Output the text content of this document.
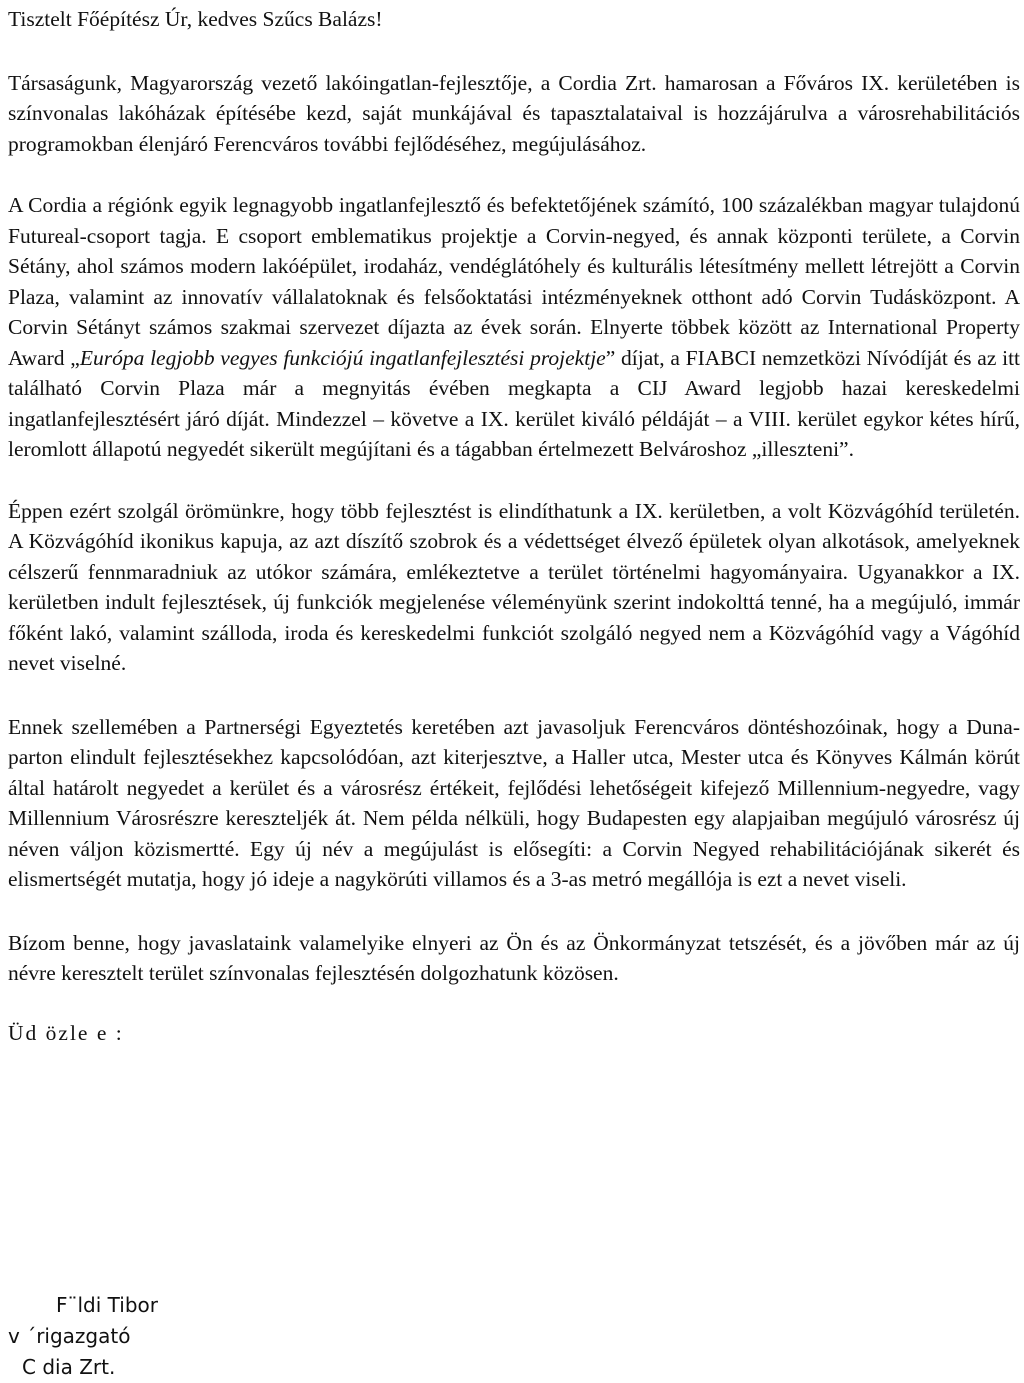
Tisztelt Főépítész Úr, kedves Szűcs Balázs!

Társaságunk, Magyarország vezető lakóingatlan-fejlesztője, a Cordia Zrt. hamarosan a Főváros IX. kerületében is színvonalas lakóházak építésébe kezd, saját munkájával és tapasztalataival is hozzájárulva a városrehabilitációs programokban élenjáró Ferencváros további fejlődéséhez, megújulásához.

A Cordia a régiónk egyik legnagyobb ingatlanfejlesztő és befektetőjének számító, 100 százalékban magyar tulajdonú Futureal-csoport tagja. E csoport emblematikus projektje a Corvin-negyed, és annak központi területe, a Corvin Sétány, ahol számos modern lakóépület, irodaház, vendéglátóhely és kulturális létesítmény mellett létrejött a Corvin Plaza, valamint az innovatív vállalatoknak és felsőoktatási intézményeknek otthont adó Corvin Tudásközpont. A Corvin Sétányt számos szakmai szervezet díjazta az évek során. Elnyerte többek között az International Property Award „Európa legjobb vegyes funkciójú ingatlanfejlesztési projektje” díjat, a FIABCI nemzetközi Nívódíját és az itt található Corvin Plaza már a megnyitás évében megkapta a CIJ Award legjobb hazai kereskedelmi ingatlanfejlesztésért járó díját. Mindezzel – követve a IX. kerület kiváló példáját – a VIII. kerület egykor kétes hírű, leromlott állapotú negyedét sikerült megújítani és a tágabban értelmezett Belvároshoz „illeszteni”.

Éppen ezért szolgál örömünkre, hogy több fejlesztést is elindíthatunk a IX. kerületben, a volt Közvágóhíd területén. A Közvágóhíd ikonikus kapuja, az azt díszítő szobrok és a védettséget élvező épületek olyan alkotások, amelyeknek célszerű fennmaradniuk az utókor számára, emlékeztetve a terület történelmi hagyományaira. Ugyanakkor a IX. kerületben indult fejlesztések, új funkciók megjelenése véleményünk szerint indokolttá tenné, ha a megújuló, immár főként lakó, valamint szálloda, iroda és kereskedelmi funkciót szolgáló negyed nem a Közvágóhíd vagy a Vágóhíd nevet viselné.

Ennek szellemében a Partnerségi Egyeztetés keretében azt javasoljuk Ferencváros döntéshozóinak, hogy a Duna-parton elindult fejlesztésekhez kapcsolódóan, azt kiterjesztve, a Haller utca, Mester utca és Könyves Kálmán körút által határolt negyedet a kerület és a városrész értékeit, fejlődési lehetőségeit kifejező Millennium-negyedre, vagy Millennium Városrészre kereszteljék át. Nem példa nélküli, hogy Budapesten egy alapjaiban megújuló városrész új néven váljon közismertté. Egy új név a megújulást is elősegíti: a Corvin Negyed rehabilitációjának sikerét és elismertségét mutatja, hogy jó ideje a nagykörúti villamos és a 3-as metró megállója is ezt a nevet viseli.

Bízom benne, hogy javaslataink valamelyike elnyeri az Ön és az Önkormányzat tetszését, és a jövőben már az új névre keresztelt terület színvonalas fejlesztésén dolgozhatunk közösen.

Üd özle e :

F¨ldi Tibor
v ´rigazgató
C dia Zrt.
